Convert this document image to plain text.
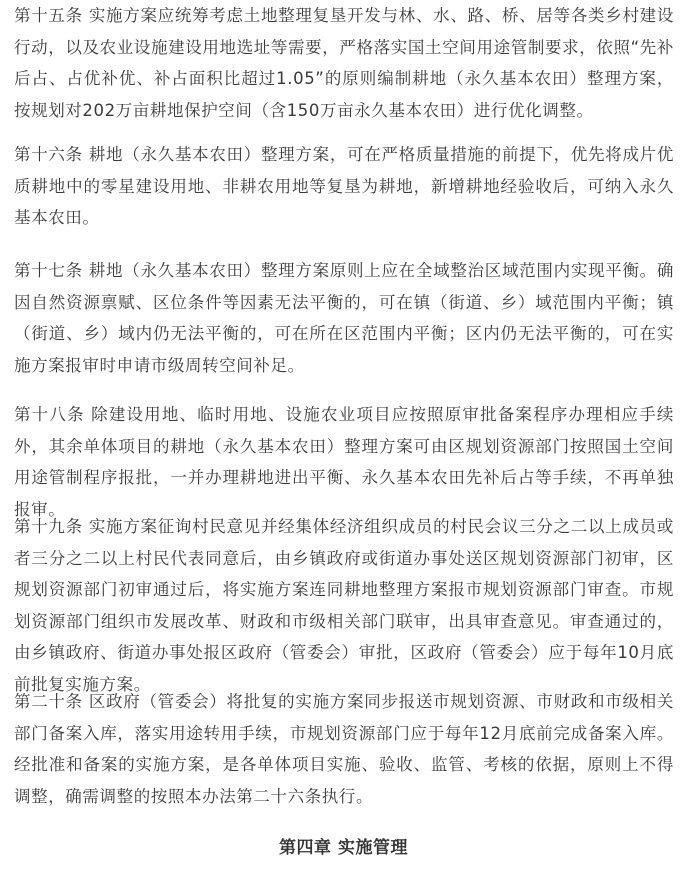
第十五条 实施方案应统筹考虑土地整理复垦开发与林、水、路、桥、居等各类乡村建设行动，以及农业设施建设用地选址等需要，严格落实国土空间用途管制要求，依照“先补后占、占优补优、补占面积比超过1.05”的原则编制耕地（永久基本农田）整理方案，按规划对202万亩耕地保护空间（含150万亩永久基本农田）进行优化调整。

第十六条 耕地（永久基本农田）整理方案，可在严格质量措施的前提下，优先将成片优质耕地中的零星建设用地、非耕农用地等复垦为耕地，新增耕地经验收后，可纳入永久基本农田。

第十七条 耕地（永久基本农田）整理方案原则上应在全域整治区域范围内实现平衡。确因自然资源禀赋、区位条件等因素无法平衡的，可在镇（街道、乡）域范围内平衡；镇（街道、乡）域内仍无法平衡的，可在所在区范围内平衡；区内仍无法平衡的，可在实施方案报审时申请市级周转空间补足。

第十八条 除建设用地、临时用地、设施农业项目应按照原审批备案程序办理相应手续外，其余单体项目的耕地（永久基本农田）整理方案可由区规划资源部门按照国土空间用途管制程序报批，一并办理耕地进出平衡、永久基本农田先补后占等手续，不再单独报审。

第十九条 实施方案征询村民意见并经集体经济组织成员的村民会议三分之二以上成员或者三分之二以上村民代表同意后，由乡镇政府或街道办事处送区规划资源部门初审，区规划资源部门初审通过后，将实施方案连同耕地整理方案报市规划资源部门审查。市规划资源部门组织市发展改革、财政和市级相关部门联审，出具审查意见。审查通过的，由乡镇政府、街道办事处报区政府（管委会）审批，区政府（管委会）应于每年10月底前批复实施方案。

第二十条 区政府（管委会）将批复的实施方案同步报送市规划资源、市财政和市级相关部门备案入库，落实用途转用手续，市规划资源部门应于每年12月底前完成备案入库。经批准和备案的实施方案，是各单体项目实施、验收、监管、考核的依据，原则上不得调整，确需调整的按照本办法第二十六条执行。

第四章 实施管理
